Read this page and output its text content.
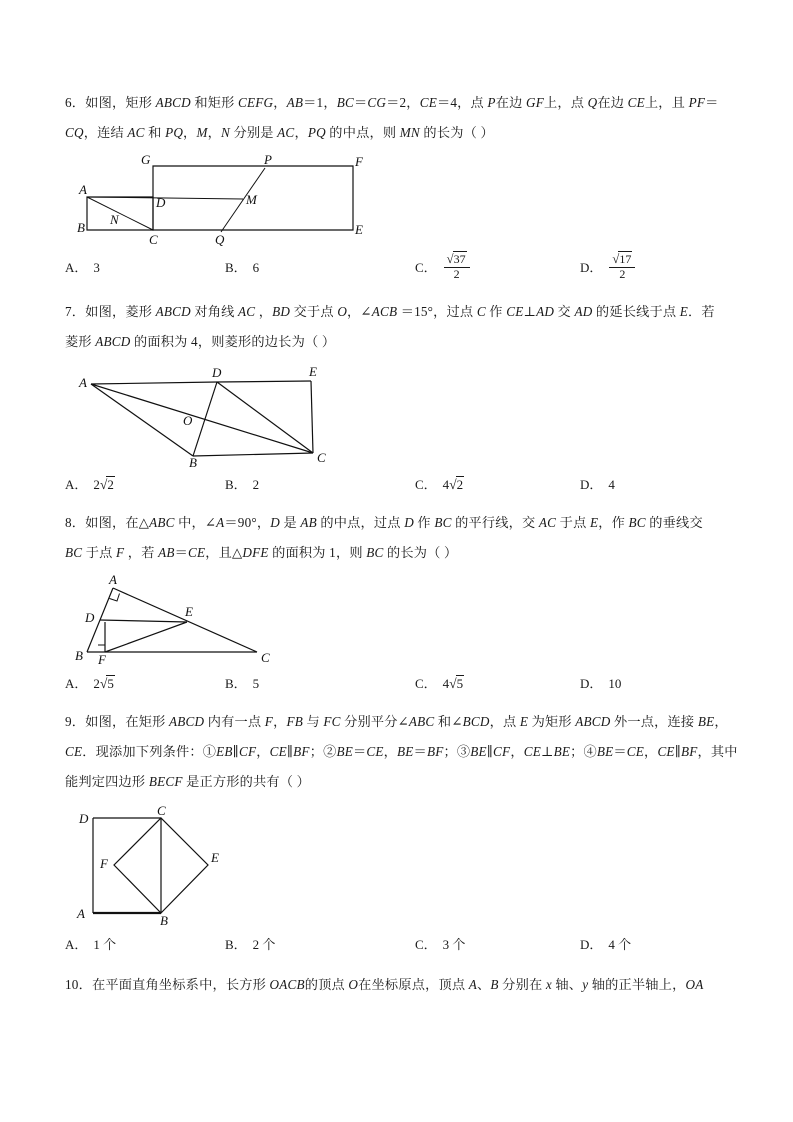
6．如图，矩形 ABCD 和矩形 CEFG，AB＝1，BC＝CG＝2，CE＝4，点 P在边 GF上，点 Q在边 CE上，且 PF＝
CQ，连结 AC 和 PQ，M，N 分别是 AC，PQ 的中点，则 MN 的长为（ ）
A
B
C
D
E
F
G	P
Q
M
N
A． 3	B． 6	C． $\frac{√37}{2}$	D． $\frac{√17}{2}$
7．如图，菱形 ABCD 对角线 AC ，BD 交于点 O，∠ACB ＝15°，过点 C 作 CE⊥AD 交 AD 的延长线于点 E．若
菱形 ABCD 的面积为 4，则菱形的边长为（ ）
A
B	C
D	E
O
A． 2 √2	B． 2	C． 4 √2	D． 4
8．如图，在△ABC 中，∠A＝90°，D 是 AB 的中点，过点 D 作 BC 的平行线，交 AC 于点 E，作 BC 的垂线交
BC 于点 F ，若 AB＝CE，且△DFE 的面积为 1，则 BC 的长为（ ）
A
B	C
D	E
F
A． 2 √5	B． 5	C． 4 √5	D． 10
9．如图，在矩形 ABCD 内有一点 F，FB 与 FC 分别平分∠ABC 和∠BCD，点 E 为矩形 ABCD 外一点，连接 BE，
CE．现添加下列条件：①EB∥CF，CE∥BF；②BE＝CE，BE＝BF；③BE∥CF，CE⊥BE；④BE＝CE，CE∥BF，其中
能判定四边形 BECF 是正方形的共有（ ）
D
A
C
B
E
F
A． 1 个	B． 2 个	C． 3 个	D． 4 个
10．在平面直角坐标系中，长方形 OACB的顶点 O在坐标原点，顶点 A、B 分别在 x 轴、y 轴的正半轴上，OA
